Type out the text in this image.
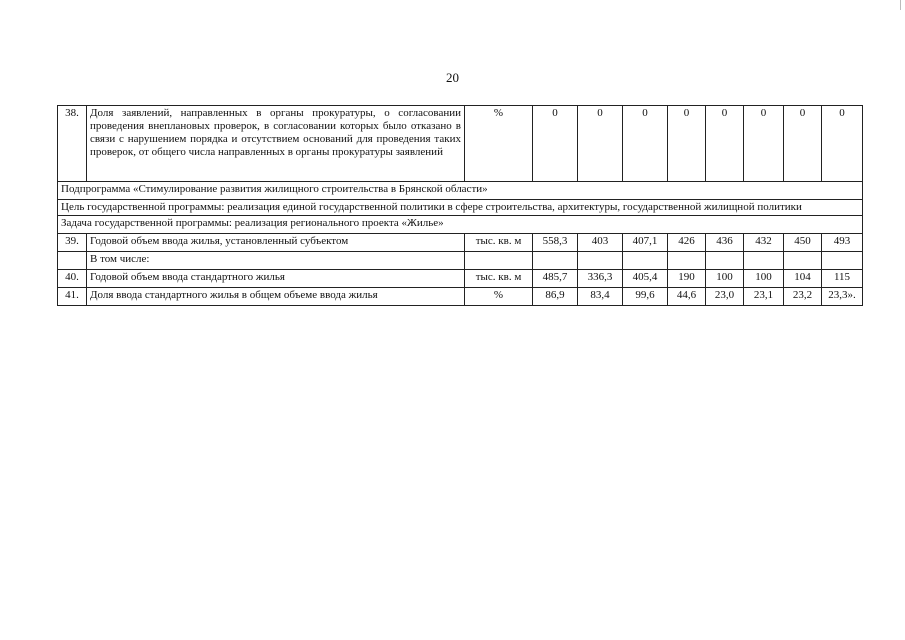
20
38.	Доля заявлений, направленных в органы прокуратуры, о согласовании проведения внеплановых проверок, в согласовании которых было отказано в связи с нарушением порядка и отсутствием оснований для проведения таких проверок, от общего числа направленных в органы прокуратуры заявлений	%	0	0	0	0	0	0	0	0
Подпрограмма «Стимулирование развития жилищного строительства в Брянской области»										
Цель государственной программы: реализация единой государственной политики в сфере строительства, архитектуры, государственной жилищной политики										
Задача государственной программы: реализация регионального проекта «Жилье»										
39.	Годовой объем ввода жилья, установленный субъектом	тыс. кв. м	558,3	403	407,1	426	436	432	450	493
	В том числе:									
40.	Годовой объем ввода стандартного жилья	тыс. кв. м	485,7	336,3	405,4	190	100	100	104	115
41.	Доля ввода стандартного жилья в общем объеме ввода жилья	%	86,9	83,4	99,6	44,6	23,0	23,1	23,2	23,3».
